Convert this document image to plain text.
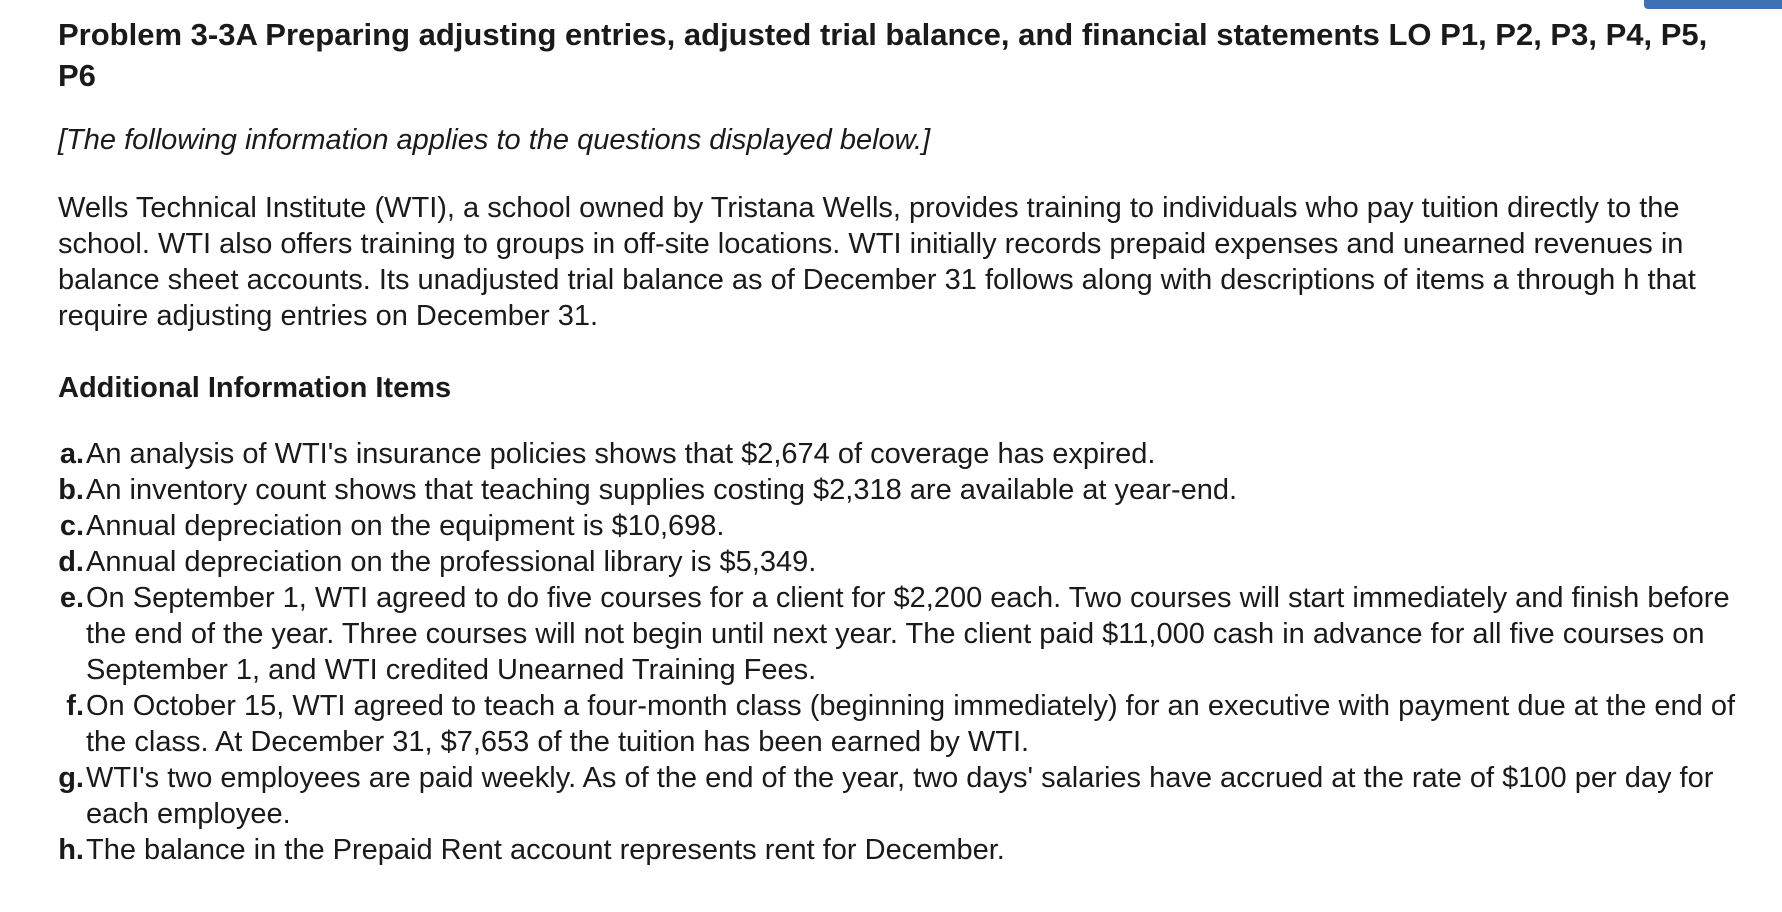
Problem 3-3A Preparing adjusting entries, adjusted trial balance, and financial statements LO P1, P2, P3, P4, P5, P6

[The following information applies to the questions displayed below.]

Wells Technical Institute (WTI), a school owned by Tristana Wells, provides training to individuals who pay tuition directly to the school. WTI also offers training to groups in off-site locations. WTI initially records prepaid expenses and unearned revenues in balance sheet accounts. Its unadjusted trial balance as of December 31 follows along with descriptions of items a through h that require adjusting entries on December 31.

Additional Information Items
a. An analysis of WTI's insurance policies shows that $2,674 of coverage has expired.
b. An inventory count shows that teaching supplies costing $2,318 are available at year-end.
c. Annual depreciation on the equipment is $10,698.
d. Annual depreciation on the professional library is $5,349.
e. On September 1, WTI agreed to do five courses for a client for $2,200 each. Two courses will start immediately and finish before the end of the year. Three courses will not begin until next year. The client paid $11,000 cash in advance for all five courses on September 1, and WTI credited Unearned Training Fees.
f. On October 15, WTI agreed to teach a four-month class (beginning immediately) for an executive with payment due at the end of the class. At December 31, $7,653 of the tuition has been earned by WTI.
g. WTI's two employees are paid weekly. As of the end of the year, two days' salaries have accrued at the rate of $100 per day for each employee.
h. The balance in the Prepaid Rent account represents rent for December.
